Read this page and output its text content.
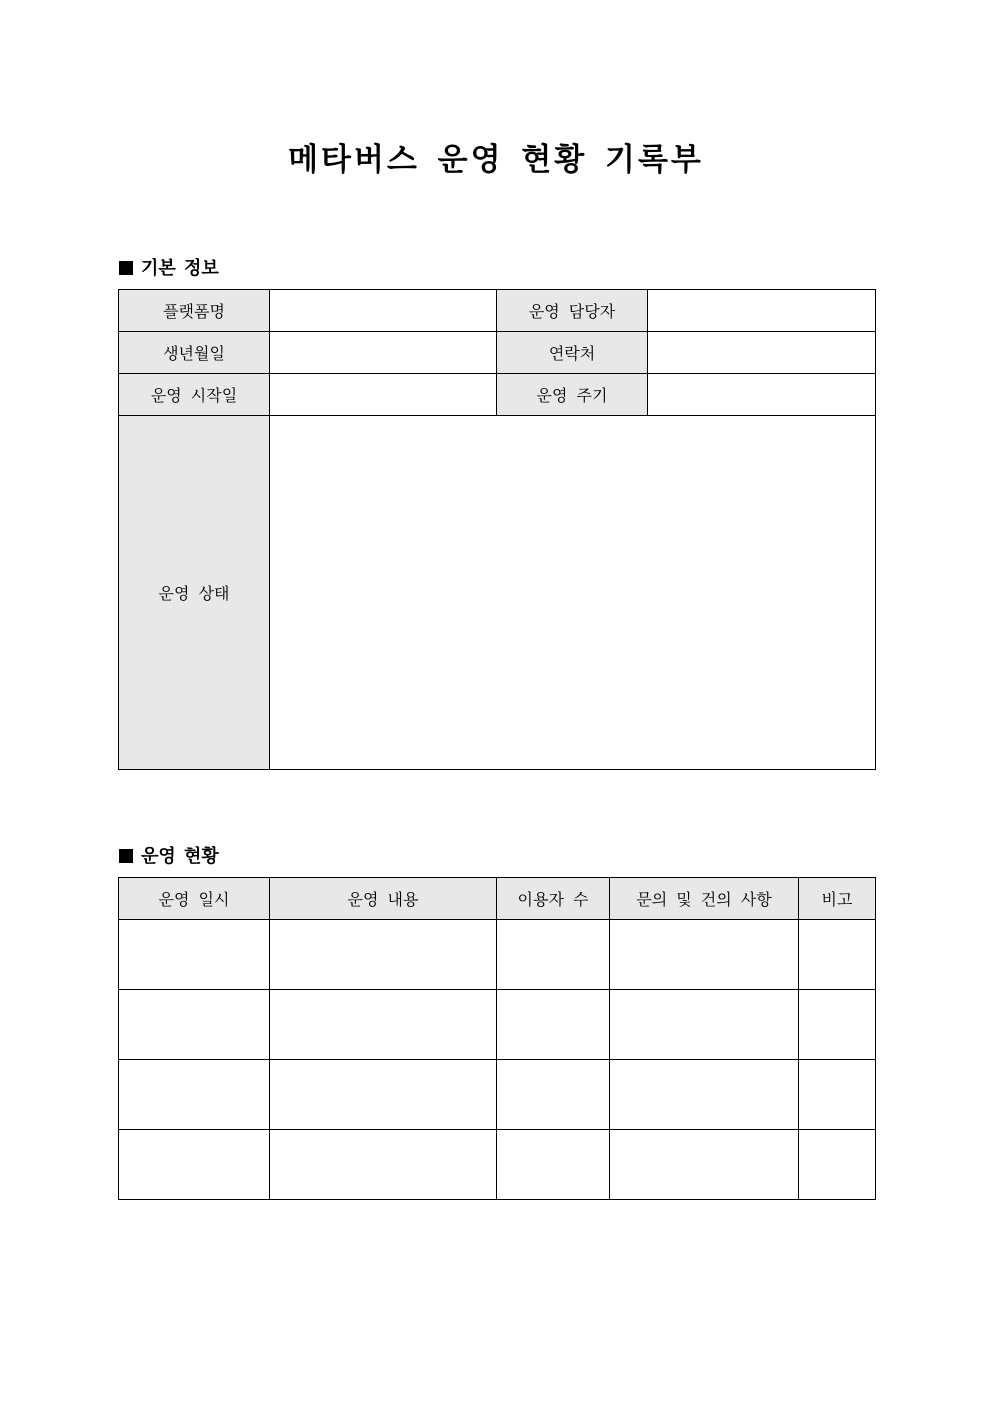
메타버스 운영 현황 기록부
기본 정보
플랫폼명		운영 담당자	
생년월일		연락처	
운영 시작일		운영 주기	
운영 상태			
운영 현황
운영 일시	운영 내용	이용자 수	문의 및 건의 사항	비고
